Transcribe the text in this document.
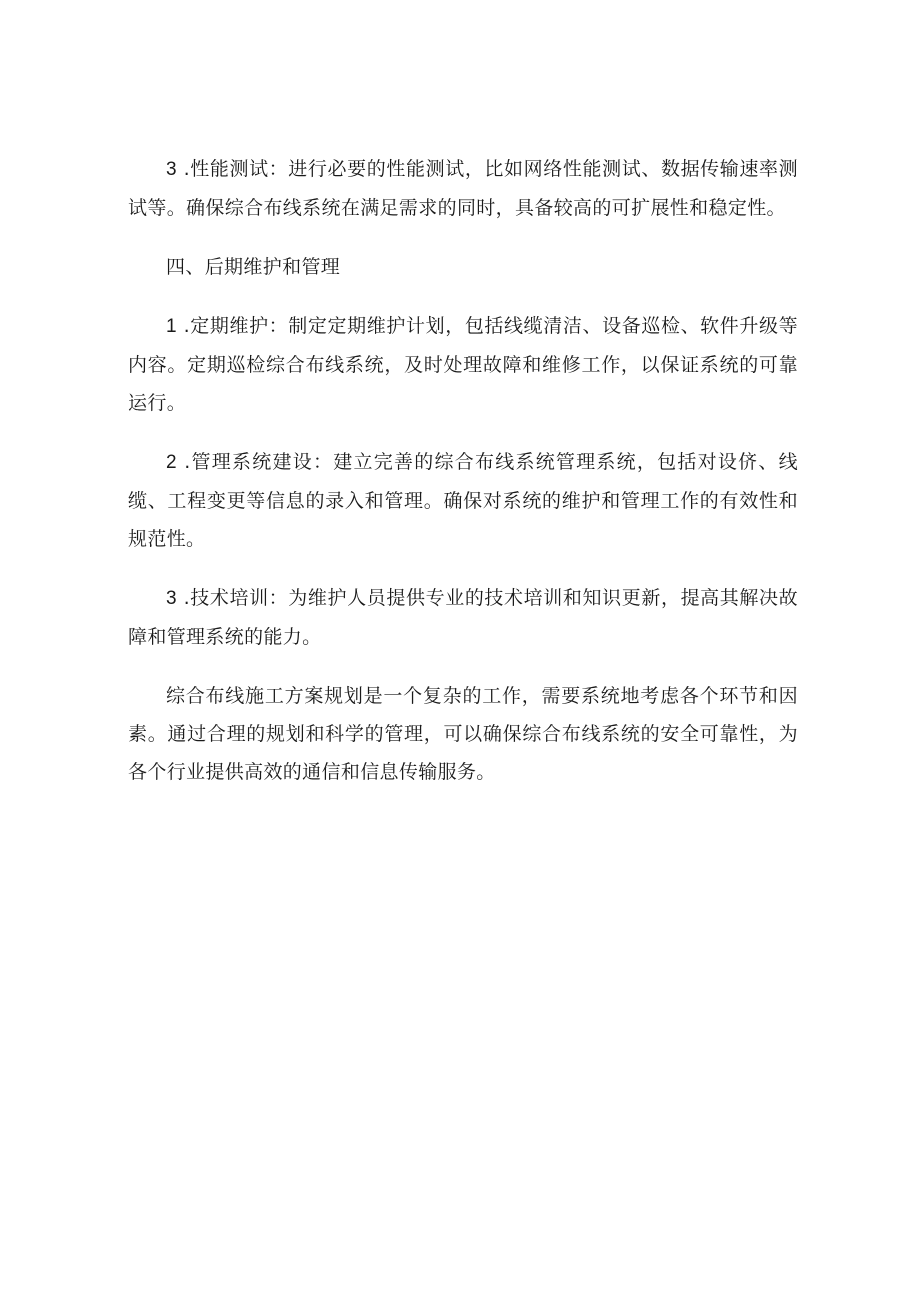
3 .性能测试：进行必要的性能测试，比如网络性能测试、数据传输速率测试等。确保综合布线系统在满足需求的同时，具备较高的可扩展性和稳定性。

四、后期维护和管理

1 .定期维护：制定定期维护计划，包括线缆清洁、设备巡检、软件升级等内容。定期巡检综合布线系统，及时处理故障和维修工作，以保证系统的可靠运行。

2 .管理系统建设：建立完善的综合布线系统管理系统，包括对设侪、线缆、工程变更等信息的录入和管理。确保对系统的维护和管理工作的有效性和规范性。

3 .技术培训：为维护人员提供专业的技术培训和知识更新，提高其解决故障和管理系统的能力。

综合布线施工方案规划是一个复杂的工作，需要系统地考虑各个环节和因素。通过合理的规划和科学的管理，可以确保综合布线系统的安全可靠性，为各个行业提供高效的通信和信息传输服务。
